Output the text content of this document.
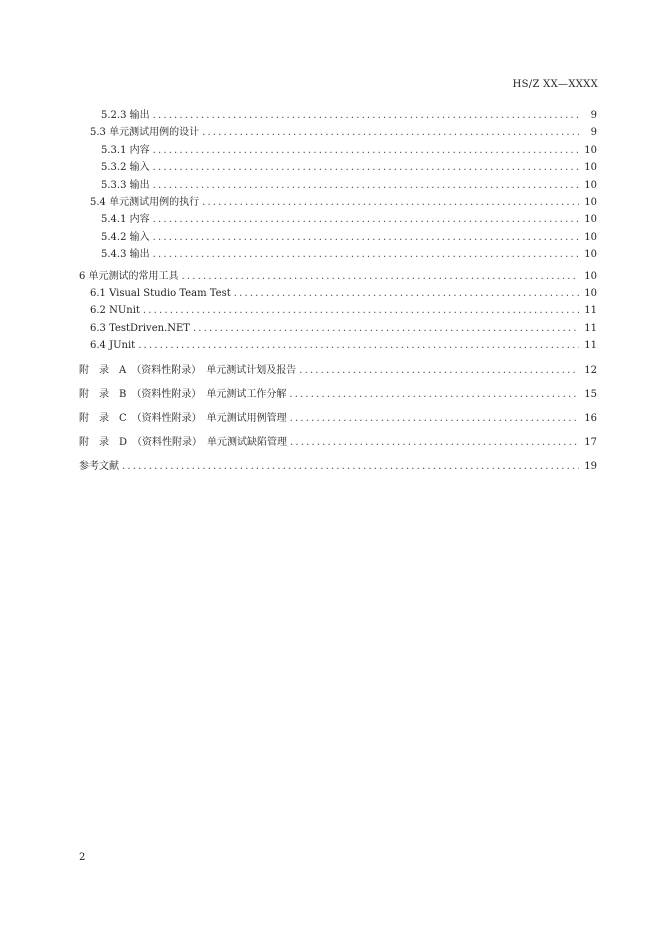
HS/Z XX—XXXX
5.2.3 输出 . . .	9
5.3 单元测试用例的设计 . . .	9
5.3.1 内容 . . .	10
5.3.2 输入 . . .	10
5.3.3 输出 . . .	10
5.4 单元测试用例的执行 . . .	10
5.4.1 内容 . . .	10
5.4.2 输入 . . .	10
5.4.3 输出 . . .	10
6 单元测试的常用工具 . . .	10
6.1 Visual Studio Team Test . . .	10
6.2 NUnit . . .	11
6.3 TestDriven.NET . . .	11
6.4 JUnit . . .	11
附　录　A　（资料性附录）　单元测试计划及报告 . . .	12
附　录　B　（资料性附录）　单元测试工作分解 . . .	15
附　录　C　（资料性附录）　单元测试用例管理 . . .	16
附　录　D　（资料性附录）　单元测试缺陷管理 . . .	17
参考文献 . . .	19
2
